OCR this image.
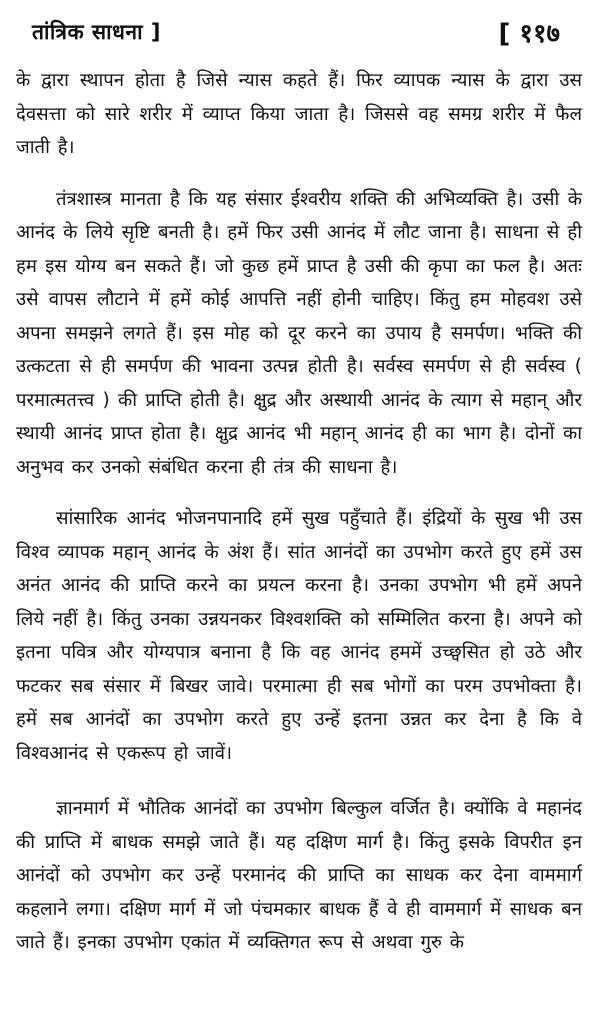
तांत्रिक साधना ]	[ ११७

के द्वारा स्थापन होता है जिसे न्यास कहते हैं। फिर व्यापक न्यास के द्वारा उस देवसत्ता को सारे शरीर में व्याप्त किया जाता है। जिससे वह समग्र शरीर में फैल जाती है।

तंत्रशास्त्र मानता है कि यह संसार ईश्वरीय शक्ति की अभिव्यक्ति है। उसी के आनंद के लिये सृष्टि बनती है। हमें फिर उसी आनंद में लौट जाना है। साधना से ही हम इस योग्य बन सकते हैं। जो कुछ हमें प्राप्त है उसी की कृपा का फल है। अतः उसे वापस लौटाने में हमें कोई आपत्ति नहीं होनी चाहिए। किंतु हम मोहवश उसे अपना समझने लगते हैं। इस मोह को दूर करने का उपाय है समर्पण। भक्ति की उत्कटता से ही समर्पण की भावना उत्पन्न होती है। सर्वस्व समर्पण से ही सर्वस्व ( परमात्मतत्त्व ) की प्राप्ति होती है। क्षुद्र और अस्थायी आनंद के त्याग से महान् और स्थायी आनंद प्राप्त होता है। क्षुद्र आनंद भी महान् आनंद ही का भाग है। दोनों का अनुभव कर उनको संबंधित करना ही तंत्र की साधना है।

सांसारिक आनंद भोजनपानादि हमें सुख पहुँचाते हैं। इंद्रियों के सुख भी उस विश्व व्यापक महान् आनंद के अंश हैं। सांत आनंदों का उपभोग करते हुए हमें उस अनंत आनंद की प्राप्ति करने का प्रयत्न करना है। उनका उपभोग भी हमें अपने लिये नहीं है। किंतु उनका उन्नयनकर विश्वशक्ति को सम्मिलित करना है। अपने को इतना पवित्र और योग्यपात्र बनाना है कि वह आनंद हममें उच्छ्वसित हो उठे और फटकर सब संसार में बिखर जावे। परमात्मा ही सब भोगों का परम उपभोक्ता है। हमें सब आनंदों का उपभोग करते हुए उन्हें इतना उन्नत कर देना है कि वे विश्वआनंद से एकरूप हो जावें।

ज्ञानमार्ग में भौतिक आनंदों का उपभोग बिल्कुल वर्जित है। क्योंकि वे महानंद की प्राप्ति में बाधक समझे जाते हैं। यह दक्षिण मार्ग है। किंतु इसके विपरीत इन आनंदों को उपभोग कर उन्हें परमानंद की प्राप्ति का साधक कर देना वाममार्ग कहलाने लगा। दक्षिण मार्ग में जो पंचमकार बाधक हैं वे ही वाममार्ग में साधक बन जाते हैं। इनका उपभोग एकांत में व्यक्तिगत रूप से अथवा गुरु के
